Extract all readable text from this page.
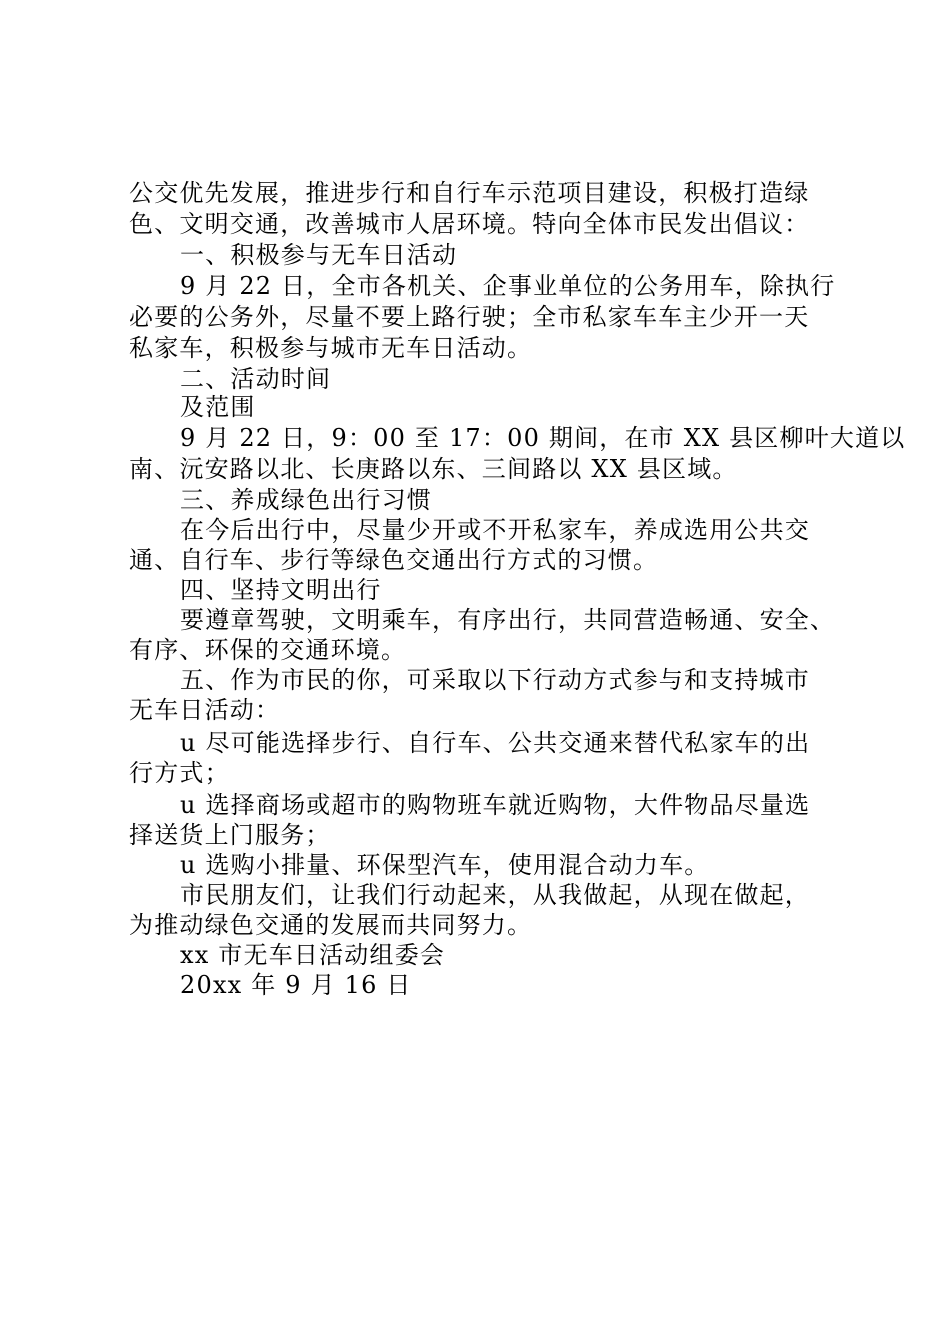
公交优先发展，推进步行和自行车示范项目建设，积极打造绿
色、文明交通，改善城市人居环境。特向全体市民发出倡议：
一、积极参与无车日活动
9 月 22 日，全市各机关、企事业单位的公务用车，除执行
必要的公务外，尽量不要上路行驶；全市私家车车主少开一天
私家车，积极参与城市无车日活动。
二、活动时间
及范围
9 月 22 日，9：00 至 17：00 期间，在市 XX 县区柳叶大道以
南、沅安路以北、长庚路以东、三间路以 XX 县区域。
三、养成绿色出行习惯
在今后出行中，尽量少开或不开私家车，养成选用公共交
通、自行车、步行等绿色交通出行方式的习惯。
四、坚持文明出行
要遵章驾驶，文明乘车，有序出行，共同营造畅通、安全、
有序、环保的交通环境。
五、作为市民的你，可采取以下行动方式参与和支持城市
无车日活动：
u 尽可能选择步行、自行车、公共交通来替代私家车的出
行方式；
u 选择商场或超市的购物班车就近购物，大件物品尽量选
择送货上门服务；
u 选购小排量、环保型汽车，使用混合动力车。
市民朋友们，让我们行动起来，从我做起，从现在做起，
为推动绿色交通的发展而共同努力。
xx 市无车日活动组委会
20xx 年 9 月 16 日
